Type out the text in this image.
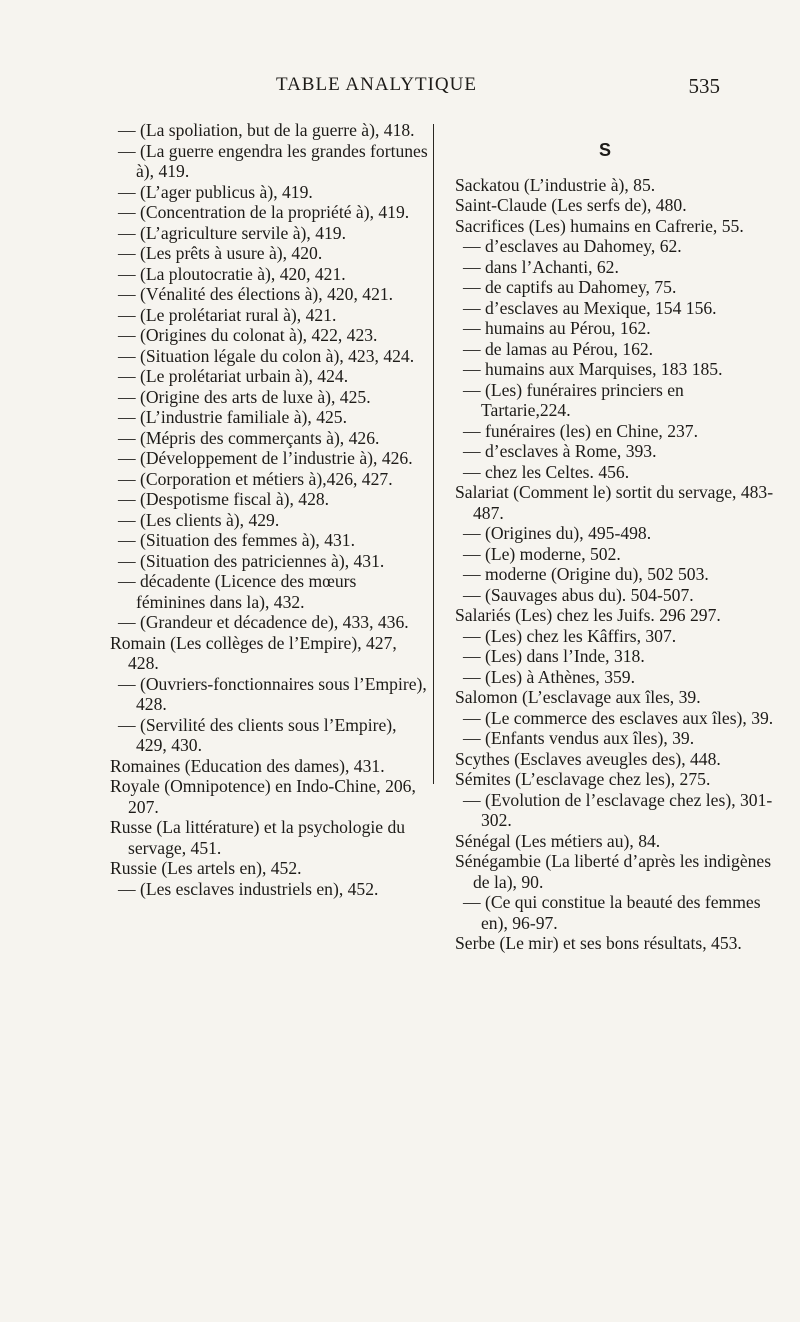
TABLE ANALYTIQUE	535

— (La spoliation, but de la guerre à), 418.

— (La guerre engendra les grandes fortunes à), 419.

— (L’ager publicus à), 419.

— (Concentration de la propriété à), 419.

— (L’agriculture servile à), 419.

— (Les prêts à usure à), 420.

— (La ploutocratie à), 420, 421.

— (Vénalité des élections à), 420, 421.

— (Le prolétariat rural à), 421.

— (Origines du colonat à), 422, 423.

— (Situation légale du colon à), 423, 424.

— (Le prolétariat urbain à), 424.

— (Origine des arts de luxe à), 425.

— (L’industrie familiale à), 425.

— (Mépris des commerçants à), 426.

— (Développement de l’industrie à), 426.

— (Corporation et métiers à),426, 427.

— (Despotisme fiscal à), 428.

— (Les clients à), 429.

— (Situation des femmes à), 431.

— (Situation des patriciennes à), 431.

— décadente (Licence des mœurs féminines dans la), 432.

— (Grandeur et décadence de), 433, 436.

Romain (Les collèges de l’Empire), 427, 428.

— (Ouvriers-fonctionnaires sous l’Empire), 428.

— (Servilité des clients sous l’Empire), 429, 430.

Romaines (Education des dames), 431.

Royale (Omnipotence) en Indo-Chine, 206, 207.

Russe (La littérature) et la psychologie du servage, 451.

Russie (Les artels en), 452.

— (Les esclaves industriels en), 452.

S

Sackatou (L’industrie à), 85.

Saint-Claude (Les serfs de), 480.

Sacrifices (Les) humains en Cafrerie, 55.

— d’esclaves au Dahomey, 62.

— dans l’Achanti, 62.

— de captifs au Dahomey, 75.

— d’esclaves au Mexique, 154 156.

— humains au Pérou, 162.

— de lamas au Pérou, 162.

— humains aux Marquises, 183 185.

— (Les) funéraires princiers en Tartarie,224.

— funéraires (les) en Chine, 237.

— d’esclaves à Rome, 393.

— chez les Celtes. 456.

Salariat (Comment le) sortit du servage, 483-487.

— (Origines du), 495-498.

— (Le) moderne, 502.

— moderne (Origine du), 502 503.

— (Sauvages abus du). 504-507.

Salariés (Les) chez les Juifs. 296 297.

— (Les) chez les Kâffirs, 307.

— (Les) dans l’Inde, 318.

— (Les) à Athènes, 359.

Salomon (L’esclavage aux îles, 39.

— (Le commerce des esclaves aux îles), 39.

— (Enfants vendus aux îles), 39.

Scythes (Esclaves aveugles des), 448.

Sémites (L’esclavage chez les), 275.

— (Evolution de l’esclavage chez les), 301-302.

Sénégal (Les métiers au), 84.

Sénégambie (La liberté d’après les indigènes de la), 90.

— (Ce qui constitue la beauté des femmes en), 96-97.

Serbe (Le mir) et ses bons résultats, 453.
